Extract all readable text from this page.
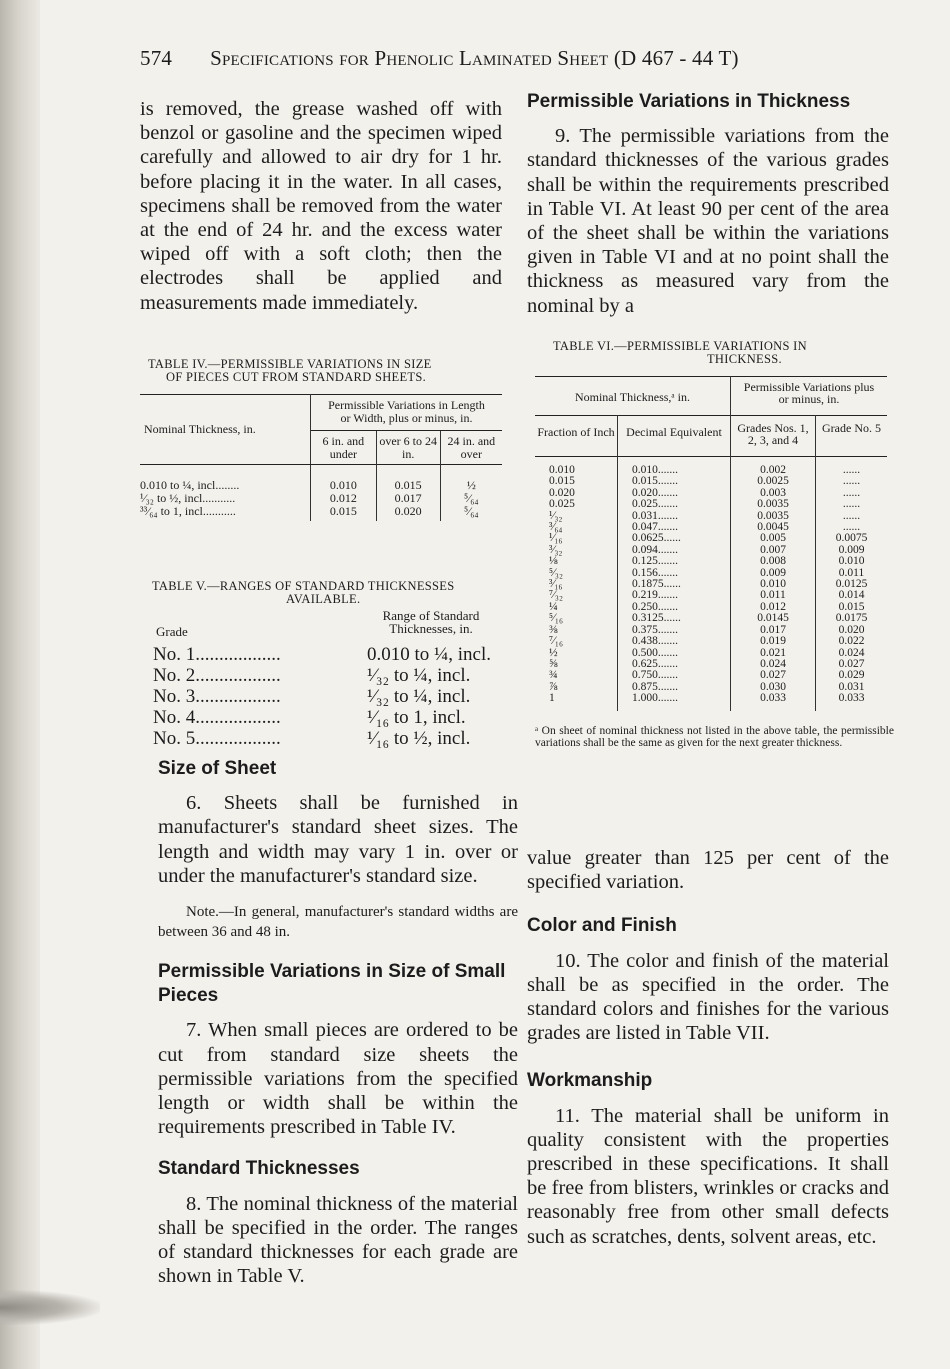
574 Specifications for Phenolic Laminated Sheet (D 467 - 44 T)

is removed, the grease washed off with benzol or gasoline and the specimen wiped carefully and allowed to air dry for 1 hr. before placing it in the water. In all cases, specimens shall be removed from the water at the end of 24 hr. and the excess water wiped off with a soft cloth; then the electrodes shall be applied and measurements made immediately.

TABLE IV.—PERMISSIBLE VARIATIONS IN SIZE
OF PIECES CUT FROM STANDARD SHEETS.
Nominal Thickness, in.	Permissible Variations in Length or Width, plus or minus, in.		
	6 in. and under	over 6 to 24 in.	24 in. and over
0.010 to ¼, incl........	0.010	0.015	½
¹⁄₃₂ to ½, incl...........	0.012	0.017	⁵⁄₆₄
³³⁄₆₄ to 1, incl...........	0.015	0.020	⁵⁄₆₄
TABLE V.—RANGES OF STANDARD THICKNESSES
AVAILABLE.
Grade
Range of Standard Thicknesses, in.
No. 1..................	0.010 to ¼, incl.
No. 2..................	¹⁄₃₂ to ¼, incl.
No. 3..................	¹⁄₃₂ to ¼, incl.
No. 4..................	¹⁄₁₆ to 1, incl.
No. 5..................	¹⁄₁₆ to ½, incl.
Size of Sheet

6. Sheets shall be furnished in manufacturer's standard sheet sizes. The length and width may vary 1 in. over or under the manufacturer's standard size.

Note.—In general, manufacturer's standard widths are between 36 and 48 in.

Permissible Variations in Size of Small Pieces

7. When small pieces are ordered to be cut from standard size sheets the permissible variations from the specified length or width shall be within the requirements prescribed in Table IV.

Standard Thicknesses

8. The nominal thickness of the material shall be specified in the order. The ranges of standard thicknesses for each grade are shown in Table V.

Permissible Variations in Thickness

9. The permissible variations from the standard thicknesses of the various grades shall be within the requirements prescribed in Table VI. At least 90 per cent of the area of the sheet shall be within the variations given in Table VI and at no point shall the thickness as measured vary from the nominal by a

TABLE VI.—PERMISSIBLE VARIATIONS IN
THICKNESS.
Nominal Thickness,ᵃ in.		Permissible Variations plus or minus, in.	
Fraction of Inch	Decimal Equivalent	Grades Nos. 1, 2, 3, and 4	Grade No. 5
0.010	0.010.......	0.002	......
0.015	0.015.......	0.0025	......
0.020	0.020.......	0.003	......
0.025	0.025.......	0.0035	......
¹⁄₃₂	0.031.......	0.0035	......
³⁄₆₄	0.047.......	0.0045	......
¹⁄₁₆	0.0625......	0.005	0.0075
³⁄₃₂	0.094.......	0.007	0.009
⅛	0.125.......	0.008	0.010
⁵⁄₃₂	0.156.......	0.009	0.011
³⁄₁₆	0.1875......	0.010	0.0125
⁷⁄₃₂	0.219.......	0.011	0.014
¼	0.250.......	0.012	0.015
⁵⁄₁₆	0.3125......	0.0145	0.0175
⅜	0.375.......	0.017	0.020
⁷⁄₁₆	0.438.......	0.019	0.022
½	0.500.......	0.021	0.024
⅝	0.625.......	0.024	0.027
¾	0.750.......	0.027	0.029
⅞	0.875.......	0.030	0.031
1	1.000.......	0.033	0.033
ᵃ On sheet of nominal thickness not listed in the above table, the permissible variations shall be the same as given for the next greater thickness.

value greater than 125 per cent of the specified variation.

Color and Finish

10. The color and finish of the material shall be as specified in the order. The standard colors and finishes for the various grades are listed in Table VII.

Workmanship

11. The material shall be uniform in quality consistent with the properties prescribed in these specifications. It shall be free from blisters, wrinkles or cracks and reasonably free from other small defects such as scratches, dents, solvent areas, etc.
